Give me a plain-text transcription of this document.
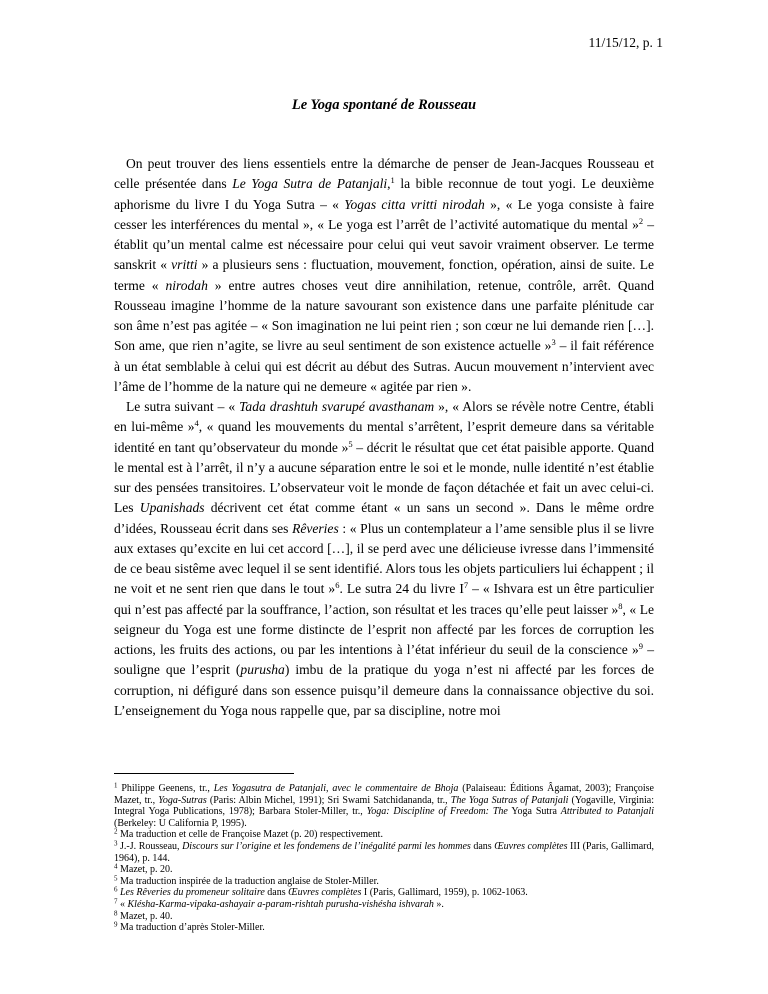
11/15/12, p. 1
Le Yoga spontané de Rousseau

On peut trouver des liens essentiels entre la démarche de penser de Jean-Jacques Rousseau et celle présentée dans Le Yoga Sutra de Patanjali,$^1$ la bible reconnue de tout yogi. Le deuxième aphorisme du livre I du Yoga Sutra – « Yogas citta vritti nirodah », « Le yoga consiste à faire cesser les interférences du mental », « Le yoga est l’arrêt de l’activité automatique du mental »$^2$ – établit qu’un mental calme est nécessaire pour celui qui veut savoir vraiment observer. Le terme sanskrit « vritti » a plusieurs sens : fluctuation, mouvement, fonction, opération, ainsi de suite. Le terme « nirodah » entre autres choses veut dire annihilation, retenue, contrôle, arrêt. Quand Rousseau imagine l’homme de la nature savourant son existence dans une parfaite plénitude car son âme n’est pas agitée – « Son imagination ne lui peint rien ; son cœur ne lui demande rien […]. Son ame, que rien n’agite, se livre au seul sentiment de son existence actuelle »$^3$ – il fait référence à un état semblable à celui qui est décrit au début des Sutras. Aucun mouvement n’intervient avec l’âme de l’homme de la nature qui ne demeure « agitée par rien ».

Le sutra suivant – « Tada drashtuh svarupé avasthanam », « Alors se révèle notre Centre, établi en lui-même »$^4$, « quand les mouvements du mental s’arrêtent, l’esprit demeure dans sa véritable identité en tant qu’observateur du monde »$^5$ – décrit le résultat que cet état paisible apporte. Quand le mental est à l’arrêt, il n’y a aucune séparation entre le soi et le monde, nulle identité n’est établie sur des pensées transitoires. L’observateur voit le monde de façon détachée et fait un avec celui-ci. Les Upanishads décrivent cet état comme étant « un sans un second ». Dans le même ordre d’idées, Rousseau écrit dans ses Rêveries : « Plus un contemplateur a l’ame sensible plus il se livre aux extases qu’excite en lui cet accord […], il se perd avec une délicieuse ivresse dans l’immensité de ce beau sistême avec lequel il se sent identifié. Alors tous les objets particuliers lui échappent ; il ne voit et ne sent rien que dans le tout »$^6$. Le sutra 24 du livre $I^7$ – « Ishvara est un être particulier qui n’est pas affecté par la souffrance, l’action, son résultat et les traces qu’elle peut laisser »$^8$, « Le seigneur du Yoga est une forme distincte de l’esprit non affecté par les forces de corruption les actions, les fruits des actions, ou par les intentions à l’état inférieur du seuil de la conscience »$^9$ – souligne que l’esprit (purusha) imbu de la pratique du yoga n’est ni affecté par les forces de corruption, ni défiguré dans son essence puisqu’il demeure dans la connaissance objective du soi. L’enseignement du Yoga nous rappelle que, par sa discipline, notre moi

$^1$ Philippe Geenens, tr., Les Yogasutra de Patanjali, avec le commentaire de Bhoja (Palaiseau: Éditions Âgamat, 2003); Françoise Mazet, tr., Yoga-Sutras (Paris: Albin Michel, 1991); Sri Swami Satchidananda, tr., The Yoga Sutras of Patanjali (Yogaville, Virginia: Integral Yoga Publications, 1978); Barbara Stoler-Miller, tr., Yoga: Discipline of Freedom: The Yoga Sutra Attributed to Patanjali (Berkeley: U California P, 1995).
$^2$ Ma traduction et celle de Françoise Mazet (p. 20) respectivement.
$^3$ J.-J. Rousseau, Discours sur l’origine et les fondemens de l’inégalité parmi les hommes dans Œuvres complètes III (Paris, Gallimard, 1964), p. 144.
$^4$ Mazet, p. 20.
$^5$ Ma traduction inspirée de la traduction anglaise de Stoler-Miller.
$^6$ Les Rêveries du promeneur solitaire dans Œuvres complètes I (Paris, Gallimard, 1959), p. 1062-1063.
$^7$ « Klésha-Karma-vipaka-ashayair a-param-rishtah purusha-vishésha ishvarah ».
$^8$ Mazet, p. 40.
$^9$ Ma traduction d’après Stoler-Miller.
